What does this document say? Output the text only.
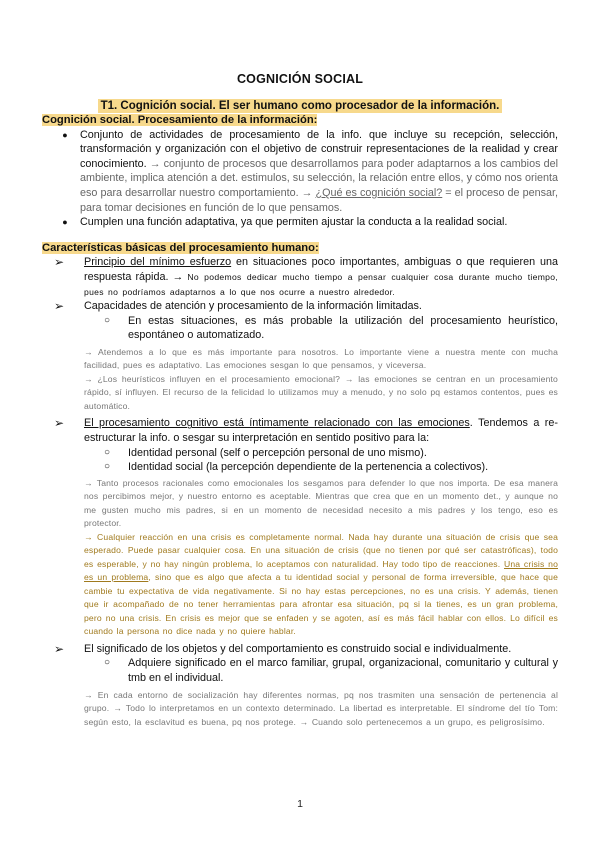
COGNICIÓN SOCIAL
T1. Cognición social. El ser humano como procesador de la información.

Cognición social. Procesamiento de la información:

●	Conjunto de actividades de procesamiento de la info. que incluye su recepción, selección, transformación y organización con el objetivo de construir representaciones de la realidad y crear conocimiento. → conjunto de procesos que desarrollamos para poder adaptarnos a los cambios del ambiente, implica atención a det. estimulos, su selección, la relación entre ellos, y cómo nos orienta eso para desarrollar nuestro comportamiento. → ¿Qué es cognición social? = el proceso de pensar, para tomar decisiones en función de lo que pensamos.
●	Cumplen una función adaptativa, ya que permiten ajustar la conducta a la realidad social.

Características básicas del procesamiento humano:

➢	Principio del mínimo esfuerzo en situaciones poco importantes, ambiguas o que requieren una respuesta rápida. → No podemos dedicar mucho tiempo a pensar cualquier cosa durante mucho tiempo, pues no podríamos adaptarnos a lo que nos ocurre a nuestro alrededor.
➢	Capacidades de atención y procesamiento de la información limitadas.
○	En estas situaciones, es más probable la utilización del procesamiento heurístico, espontáneo o automatizado.
→ Atendemos a lo que es más importante para nosotros. Lo importante viene a nuestra mente con mucha facilidad, pues es adaptativo. Las emociones sesgan lo que pensamos, y viceversa.
→ ¿Los heurísticos influyen en el procesamiento emocional? → las emociones se centran en un procesamiento rápido, sí influyen. El recurso de la felicidad lo utilizamos muy a menudo, y no solo pq estamos contentos, pues es automático.
➢	El procesamiento cognitivo está íntimamente relacionado con las emociones. Tendemos a re-estructurar la info. o sesgar su interpretación en sentido positivo para la:
○	Identidad personal (self o percepción personal de uno mismo).
○	Identidad social (la percepción dependiente de la pertenencia a colectivos).
→ Tanto procesos racionales como emocionales los sesgamos para defender lo que nos importa. De esa manera nos percibimos mejor, y nuestro entorno es aceptable. Mientras que crea que en un momento det., y aunque no me gusten mucho mis padres, si en un momento de necesidad necesito a mis padres y los tengo, eso es protector.
→ Cualquier reacción en una crisis es completamente normal. Nada hay durante una situación de crisis que sea esperado. Puede pasar cualquier cosa. En una situación de crisis (que no tienen por qué ser catastróficas), todo es esperable, y no hay ningún problema, lo aceptamos con naturalidad. Hay todo tipo de reacciones. Una crisis no es un problema, sino que es algo que afecta a tu identidad social y personal de forma irreversible, que hace que cambie tu expectativa de vida negativamente. Si no hay estas percepciones, no es una crisis. Y además, tienen que ir acompañado de no tener herramientas para afrontar esa situación, pq si la tienes, es un gran problema, pero no una crisis. En crisis es mejor que se enfaden y se agoten, así es más fácil hablar con ellos. Lo difícil es cuando la persona no dice nada y no quiere hablar.
➢	El significado de los objetos y del comportamiento es construido social e individualmente.
○	Adquiere significado en el marco familiar, grupal, organizacional, comunitario y cultural y tmb en el individual.
→ En cada entorno de socialización hay diferentes normas, pq nos trasmiten una sensación de pertenencia al grupo. → Todo lo interpretamos en un contexto determinado. La libertad es interpretable. El síndrome del tío Tom: según esto, la esclavitud es buena, pq nos protege. → Cuando solo pertenecemos a un grupo, es peligrosísimo.
1
